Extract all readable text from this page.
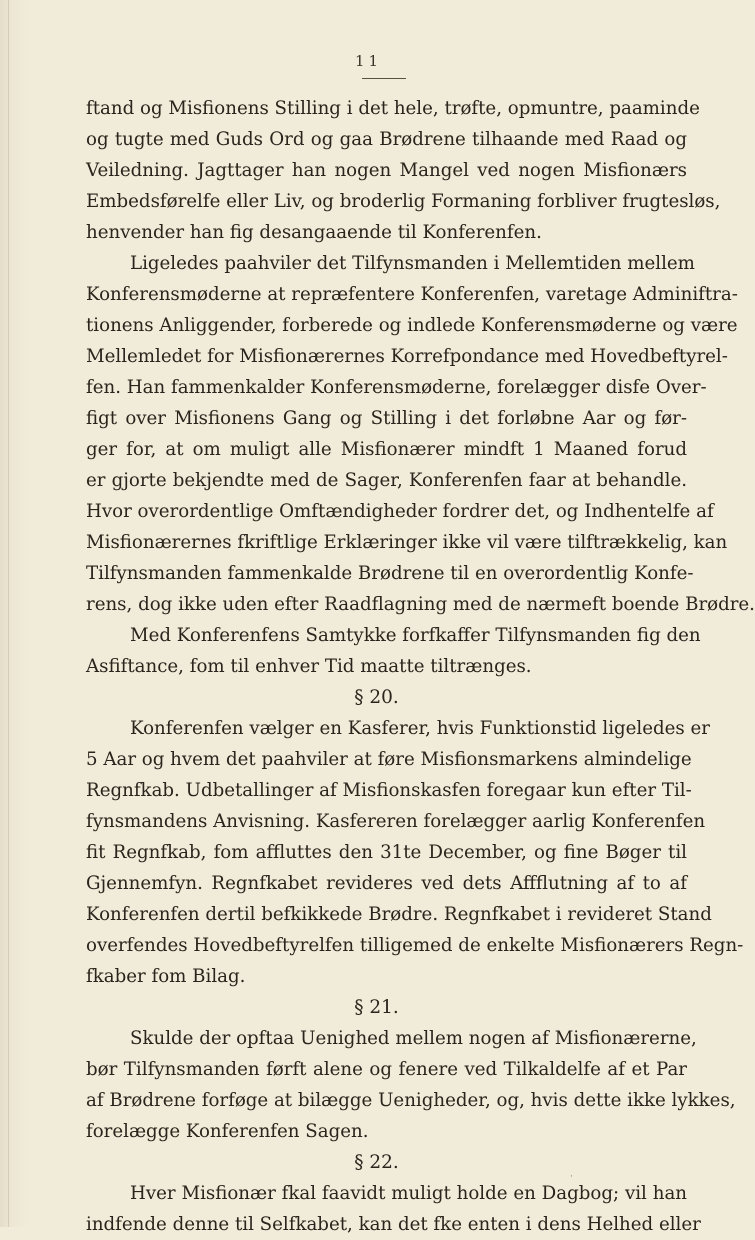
11
ftand og Misfionens Stilling i det hele, trøfte, opmuntre, paaminde
og tugte med Guds Ord og gaa Brødrene tilhaande med Raad og
Veiledning. Jagttager han nogen Mangel ved nogen Misfionærs
Embedsførelfe eller Liv, og broderlig Formaning forbliver frugtesløs,
henvender han fig desangaaende til Konferenfen.
Ligeledes paahviler det Tilfynsmanden i Mellemtiden mellem
Konferensmøderne at repræfentere Konferenfen, varetage Adminiftra-
tionens Anliggender, forberede og indlede Konferensmøderne og være
Mellemledet for Misfionærernes Korrefpondance med Hovedbeftyrel-
fen. Han fammenkalder Konferensmøderne, forelægger disfe Over-
figt over Misfionens Gang og Stilling i det forløbne Aar og før-
ger for, at om muligt alle Misfionærer mindft 1 Maaned forud
er gjorte bekjendte med de Sager, Konferenfen faar at behandle.
Hvor overordentlige Omftændigheder fordrer det, og Indhentelfe af
Misfionærernes fkriftlige Erklæringer ikke vil være tilftrækkelig, kan
Tilfynsmanden fammenkalde Brødrene til en overordentlig Konfe-
rens, dog ikke uden efter Raadflagning med de nærmeft boende Brødre.
Med Konferenfens Samtykke forfkaffer Tilfynsmanden fig den
Asfiftance, fom til enhver Tid maatte tiltrænges.
§ 20.
Konferenfen vælger en Kasferer, hvis Funktionstid ligeledes er
5 Aar og hvem det paahviler at føre Misfionsmarkens almindelige
Regnfkab. Udbetallinger af Misfionskasfen foregaar kun efter Til-
fynsmandens Anvisning. Kasfereren forelægger aarlig Konferenfen
fit Regnfkab, fom affluttes den 31te December, og fine Bøger til
Gjennemfyn. Regnfkabet revideres ved dets Affflutning af to af
Konferenfen dertil befkikkede Brødre. Regnfkabet i revideret Stand
overfendes Hovedbeftyrelfen tilligemed de enkelte Misfionærers Regn-
fkaber fom Bilag.
§ 21.
Skulde der opftaa Uenighed mellem nogen af Misfionærerne,
bør Tilfynsmanden førft alene og fenere ved Tilkaldelfe af et Par
af Brødrene forføge at bilægge Uenigheder, og, hvis dette ikke lykkes,
forelægge Konferenfen Sagen.
§ 22.
Hver Misfionær fkal faavidt muligt holde en Dagbog; vil han
indfende denne til Selfkabet, kan det fke enten i dens Helhed eller
·
